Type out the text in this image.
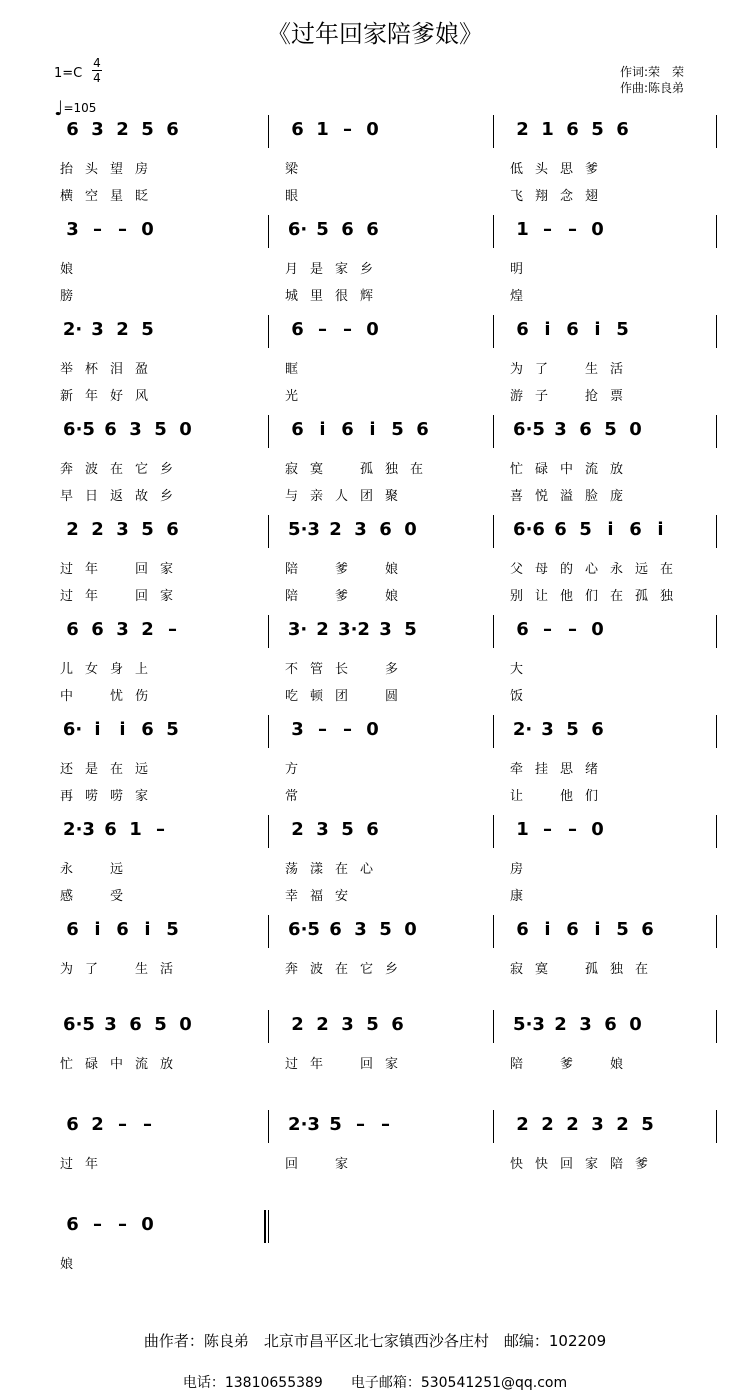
《过年回家陪爹娘》
1=C
4
4
♩=105
作词:荣　荣
作曲:陈良弟
6 3 2 5 6
抬 头 望 房
横 空 星 眨
6 1 – 0
梁
眼
2 1 6 5 6
低 头 思 爹
飞 翔 念 翅
3 – – 0
娘
膀
6· 5 6 6
月 是 家 乡
城 里 很 辉
1 – – 0
明
煌
2· 3 2 5
举 杯 泪 盈
新 年 好 风
6 – – 0
眶
光
6 i 6 i 5
为 了	生 活
游 子	抢 票
6·5 6 3 5 0
奔 波 在 它 乡
早 日 返 故 乡
6 i 6 i 5 6
寂 寞	孤 独 在
与 亲 人 团 聚
6·5 3 6 5 0
忙 碌 中 流 放
喜 悦 溢 脸 庞
2 2 3 5 6
过 年	回 家
过 年	回 家
5·3 2 3 6 0
陪	爹	娘
陪	爹	娘
6·6 6 5 i 6 i
父 母 的 心 永 远 在
别 让 他 们 在 孤 独
6 6 3 2 –
儿 女 身 上
中	忧 伤
3· 2 3·2 3 5
不 管 长	多
吃 顿 团	圆
6 – – 0
大
饭
6· i	i 6 5
还 是 在 远
再 唠 唠 家
3 – – 0
方
常
2· 3 5 6
牵 挂 思 绪
让	他 们
2·3 6 1 –
永	远
感	受
2 3 5 6
荡 漾 在 心
幸 福 安
1 – – 0
房
康
6 i 6 i 5
为 了	生 活
6·5 6 3 5 0
奔 波 在 它 乡
6 i 6 i 5 6
寂 寞	孤 独 在
6·5 3 6 5 0
忙 碌 中 流 放
2 2 3 5 6
过 年	回 家
5·3 2 3 6 0
陪	爹	娘
6 2 – –
过 年
2·3 5 – –
回	家
2 2 2 3 2 5
快 快 回 家 陪 爹
6 – – 0
娘
曲作者：陈良弟　北京市昌平区北七家镇西沙各庄村　邮编：102209
电话：13810655389　　电子邮箱：530541251@qq.com
